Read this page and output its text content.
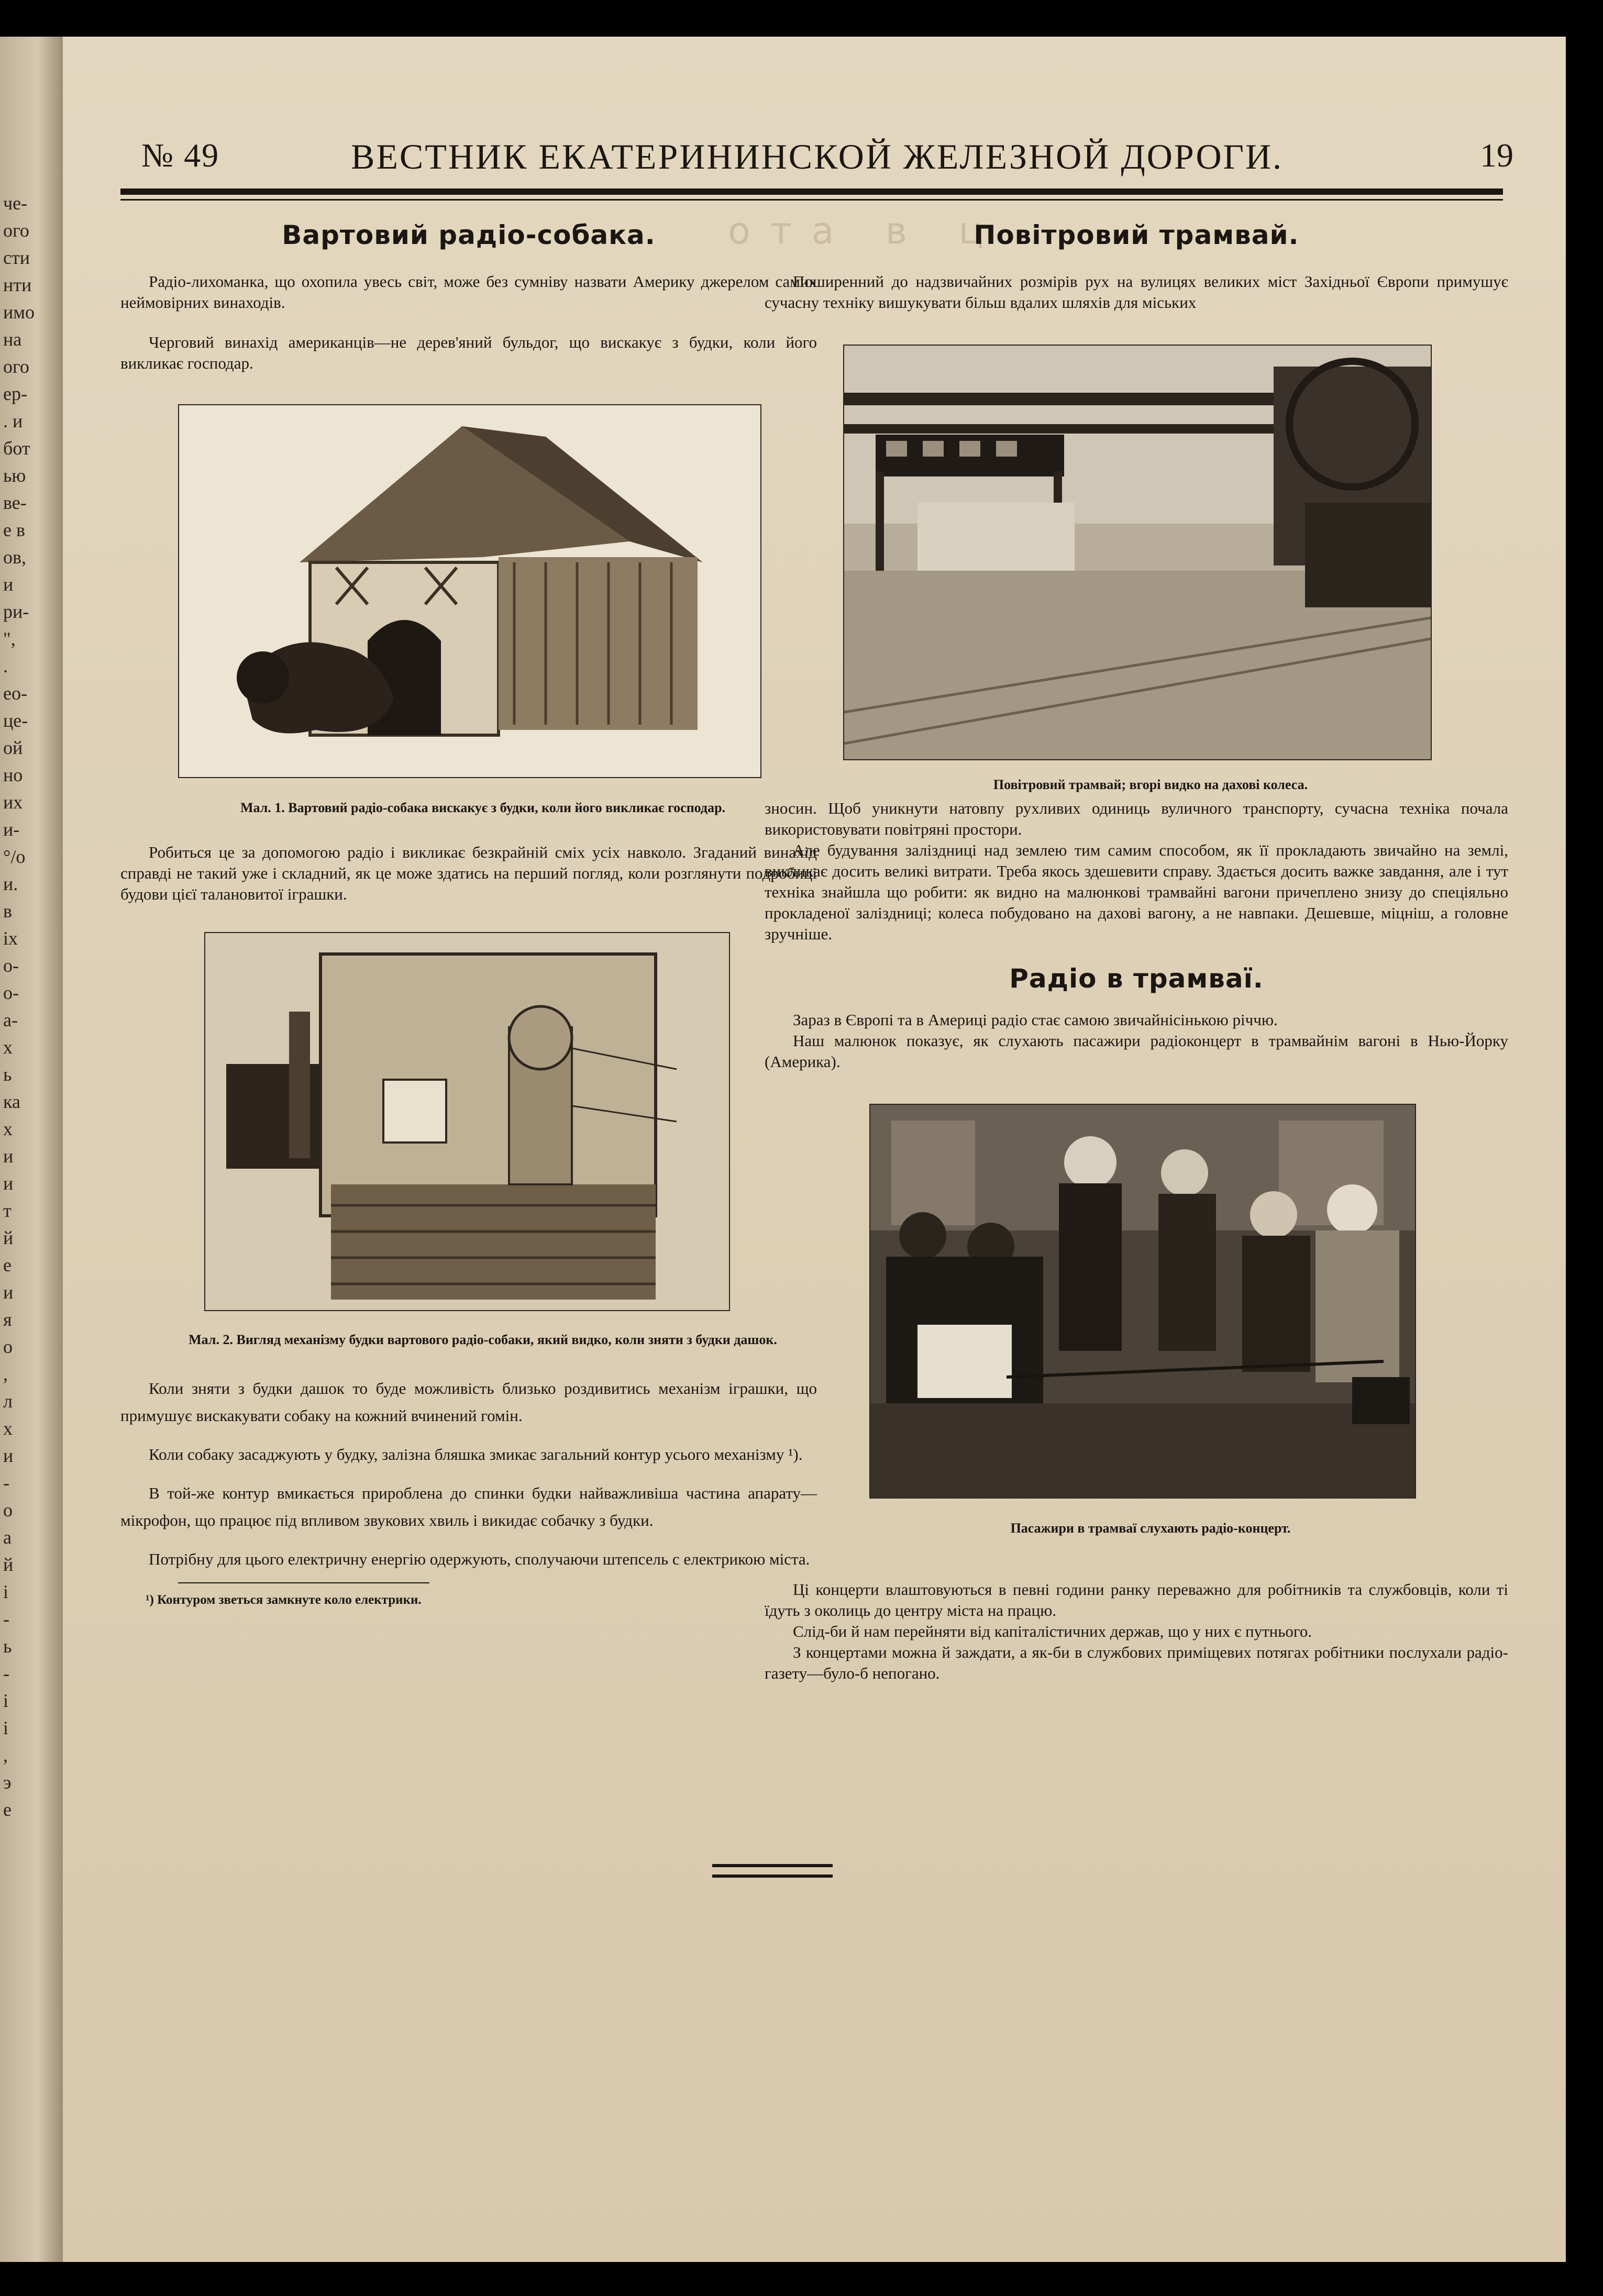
че-
ого
сти
нти
имо
на
ого
ер-
. и
бот
ью
ве-
е в
ов,
и
ри-
",
.
ео-
це-
ой
но
их
и-
°/о
и.
в
іх
о-
о-
а-
х
ь
ка
х
и
и
т
й
е
и
я
о
,
л
х
и
-
о
а
й
і
-
ь
-
і
і
,
э
е
ота в ц
№ 49	ВЕСТНИК ЕКАТЕРИНИНСКОЙ ЖЕЛЕЗНОЙ ДОРОГИ.	19
Вартовий радіо-собака.

Радіо-лихоманка, що охопила увесь світ, може без сумніву назвати Америку джерелом самих неймовірних винаходів.

Черговий винахід американців—не дерев'яний бульдог, що вискакує з будки, коли його викликає господар.

Мал. 1. Вартовий радіо-собака вискакує з будки, коли його викликає господар.

Робиться це за допомогою радіо і викликає безкрайній сміх усіх навколо. Згаданий винахід справді не такий уже і складний, як це може здатись на перший погляд, коли розглянути подробиці будови цієї талановитої іграшки.

Мал. 2. Вигляд механізму будки вартового радіо-собаки, який видко, коли зняти з будки дашок.

Коли зняти з будки дашок то буде можливість близько роздивитись механізм іграшки, що примушує вискакувати собаку на кожний вчинений гомін.

Коли собаку засаджують у будку, залізна бляшка змикає загальний контур усього механізму ¹).

В той-же контур вмикається прироблена до спинки будки найважливіша частина апарату—мікрофон, що працює під впливом звукових хвиль і викидає собачку з будки.

Потрібну для цього електричну енергію одержують, сполучаючи штепсель с електрикою міста.

¹) Контуром зветься замкнуте коло електрики.

Повітровий трамвай.

Поширенний до надзвичайних розмірів рух на вулицях великих міст Західньої Європи примушує сучасну техніку вишукувати більш вдалих шляхів для міських

Повітровий трамвай; вгорі видко на дахові колеса.

зносин. Щоб уникнути натовпу рухливих одиниць вуличного транспорту, сучасна техніка почала використовувати повітряні простори.

Але будування заліздниці над землею тим самим способом, як її прокладають звичайно на землі, викликає досить великі витрати. Треба якось здешевити справу. Здається досить важке завдання, але і тут техніка знайшла що робити: як видно на малюнкові трамвайні вагони причеплено знизу до спеціяльно прокладеної заліздниці; колеса побудовано на дахові вагону, а не навпаки. Дешевше, міцніш, а головне зручніше.

Радіо в трамваї.

Зараз в Європі та в Америці радіо стає самою звичайнісінькою річчю.

Наш малюнок показує, як слухають пасажири радіоконцерт в трамвайнім вагоні в Нью-Йорку (Америка).

Пасажири в трамваї слухають радіо-концерт.

Ці концерти влаштовуються в певні години ранку переважно для робітників та службовців, коли ті їдуть з околиць до центру міста на працю.

Слід-би й нам перейняти від капіталістичних держав, що у них є путнього.

З концертами можна й заждати, а як-би в службових приміщевих потягах робітники послухали радіо-газету—було-б непогано.
